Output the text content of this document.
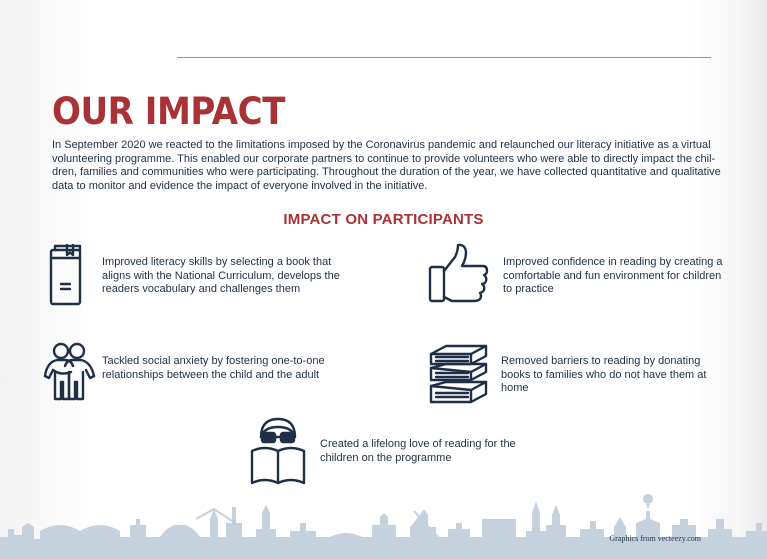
OUR IMPACT

In September 2020 we reacted to the limitations imposed by the Coronavirus pandemic and relaunched our literacy initiative as a virtual volunteering programme. This enabled our corporate partners to continue to provide volunteers who were able to directly impact the chil-dren, families and communities who were participating. Throughout the duration of the year, we have collected quantitative and qualitative data to monitor and evidence the impact of everyone involved in the initiative.

IMPACT ON PARTICIPANTS

Improved literacy skills by selecting a book that aligns with the National Curriculum, develops the readers vocabulary and challenges them

Improved confidence in reading by creating a comfortable and fun environment for children to practice

Tackled social anxiety by fostering one-to-one relationships between the child and the adult

Removed barriers to reading by donating books to families who do not have them at home

Created a lifelong love of reading for the children on the programme

Graphics from vecteezy.com
